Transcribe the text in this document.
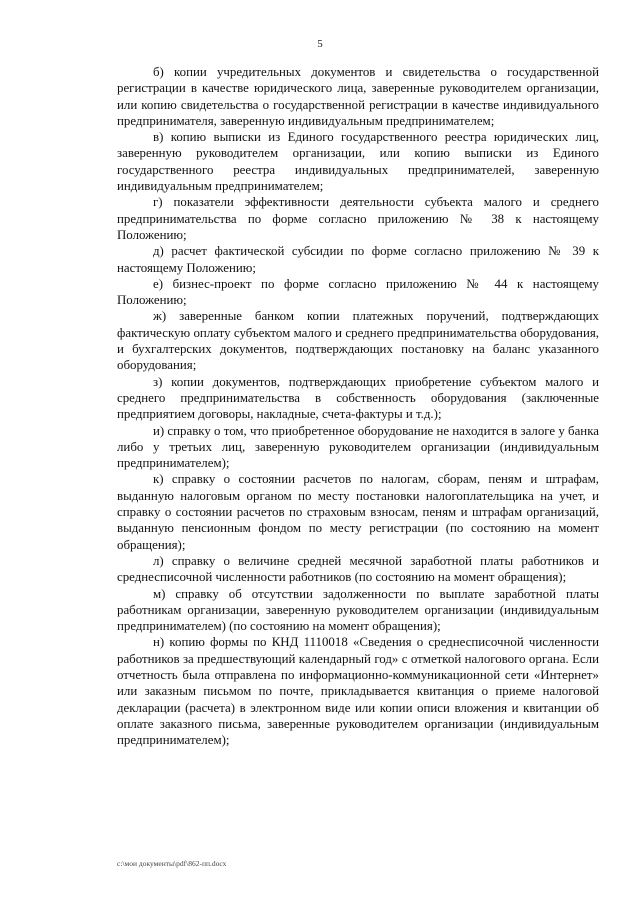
5

б) копии учредительных документов и свидетельства о государственной регистрации в качестве юридического лица, заверенные руководителем организации, или копию свидетельства о государственной регистрации в качестве индивидуального предпринимателя, заверенную индивидуальным предпринимателем;

в) копию выписки из Единого государственного реестра юридических лиц, заверенную руководителем организации, или копию выписки из Единого государственного реестра индивидуальных предпринимателей, заверенную индивидуальным предпринимателем;

г) показатели эффективности деятельности субъекта малого и среднего предпринимательства по форме согласно приложению № 38 к настоящему Положению;

д) расчет фактической субсидии по форме согласно приложению № 39 к настоящему Положению;

е) бизнес-проект по форме согласно приложению № 44 к настоящему Положению;

ж) заверенные банком копии платежных поручений, подтверждающих фактическую оплату субъектом малого и среднего предпринимательства оборудования, и бухгалтерских документов, подтверждающих постановку на баланс указанного оборудования;

з) копии документов, подтверждающих приобретение субъектом малого и среднего предпринимательства в собственность оборудования (заключенные предприятием договоры, накладные, счета-фактуры и т.д.);

и) справку о том, что приобретенное оборудование не находится в залоге у банка либо у третьих лиц, заверенную руководителем организации (индивидуальным предпринимателем);

к) справку о состоянии расчетов по налогам, сборам, пеням и штрафам, выданную налоговым органом по месту постановки налогоплательщика на учет, и справку о состоянии расчетов по страховым взносам, пеням и штрафам организаций, выданную пенсионным фондом по месту регистрации (по состоянию на момент обращения);

л) справку о величине средней месячной заработной платы работников и среднесписочной численности работников (по состоянию на момент обращения);

м) справку об отсутствии задолженности по выплате заработной платы работникам организации, заверенную руководителем организации (индивидуальным предпринимателем) (по состоянию на момент обращения);

н) копию формы по КНД 1110018 «Сведения о среднесписочной численности работников за предшествующий календарный год» с отметкой налогового органа. Если отчетность была отправлена по информационно-коммуникационной сети «Интернет» или заказным письмом по почте, прикладывается квитанция о приеме налоговой декларации (расчета) в электронном виде или копии описи вложения и квитанции об оплате заказного письма, заверенные руководителем организации (индивидуальным предпринимателем);

c:\мои документы\pdf\862-пп.docx
